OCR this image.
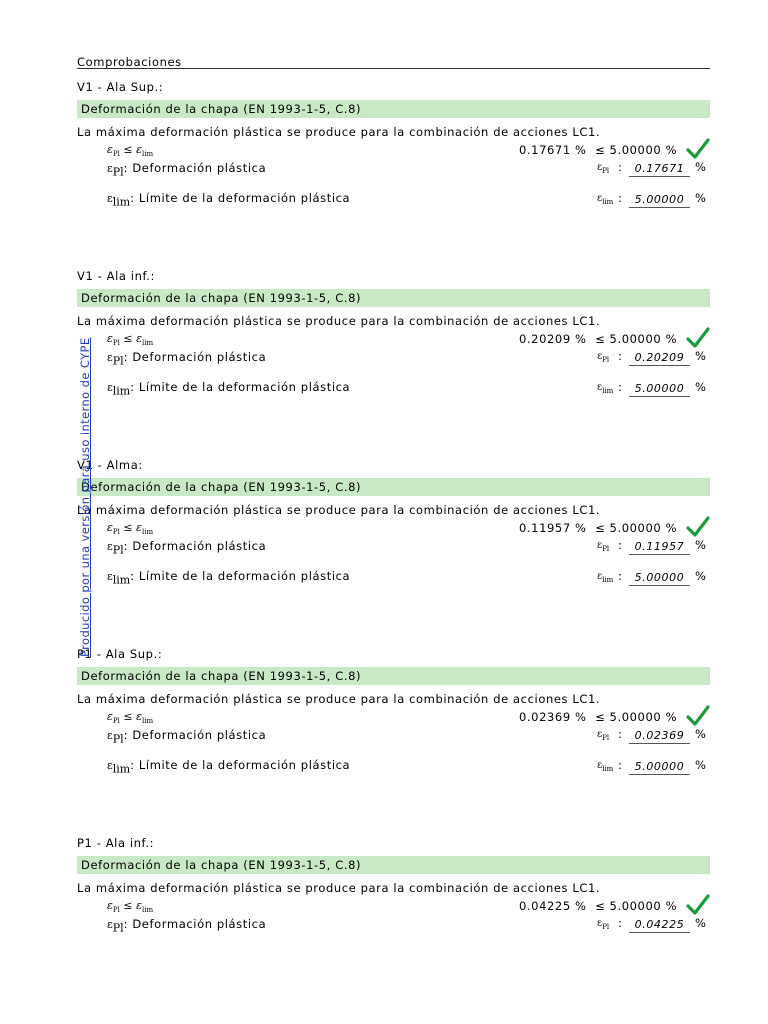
Comprobaciones
V1 - Ala Sup.:
Deformación de la chapa (EN 1993-1-5, C.8)
La máxima deformación plástica se produce para la combinación de acciones LC1.
$\varepsilon_{Pl} \le \varepsilon_{lim}$	0.17671 % ≤ 5.00000 %
$\varepsilon_{Pl}$: Deformación plástica	$\varepsilon_{Pl}$ :	0.17671 %
$\varepsilon_{lim}$: Límite de la deformación plástica	$\varepsilon_{lim}$ :	5.00000 %
V1 - Ala inf.:
Deformación de la chapa (EN 1993-1-5, C.8)
La máxima deformación plástica se produce para la combinación de acciones LC1.
$\varepsilon_{Pl} \le \varepsilon_{lim}$	0.20209 % ≤ 5.00000 %
$\varepsilon_{Pl}$: Deformación plástica	$\varepsilon_{Pl}$ :	0.20209 %
$\varepsilon_{lim}$: Límite de la deformación plástica	$\varepsilon_{lim}$ :	5.00000 %
V1 - Alma:
Deformación de la chapa (EN 1993-1-5, C.8)
La máxima deformación plástica se produce para la combinación de acciones LC1.
$\varepsilon_{Pl} \le \varepsilon_{lim}$	0.11957 % ≤ 5.00000 %
$\varepsilon_{Pl}$: Deformación plástica	$\varepsilon_{Pl}$ :	0.11957 %
$\varepsilon_{lim}$: Límite de la deformación plástica	$\varepsilon_{lim}$ :	5.00000 %
P1 - Ala Sup.:
Deformación de la chapa (EN 1993-1-5, C.8)
La máxima deformación plástica se produce para la combinación de acciones LC1.
$\varepsilon_{Pl} \le \varepsilon_{lim}$	0.02369 % ≤ 5.00000 %
$\varepsilon_{Pl}$: Deformación plástica	$\varepsilon_{Pl}$ :	0.02369 %
$\varepsilon_{lim}$: Límite de la deformación plástica	$\varepsilon_{lim}$ :	5.00000 %
P1 - Ala inf.:
Deformación de la chapa (EN 1993-1-5, C.8)
La máxima deformación plástica se produce para la combinación de acciones LC1.
$\varepsilon_{Pl} \le \varepsilon_{lim}$	0.04225 % ≤ 5.00000 %
$\varepsilon_{Pl}$: Deformación plástica	$\varepsilon_{Pl}$ :	0.04225 %
Producido por una versión para uso interno de CYPE
